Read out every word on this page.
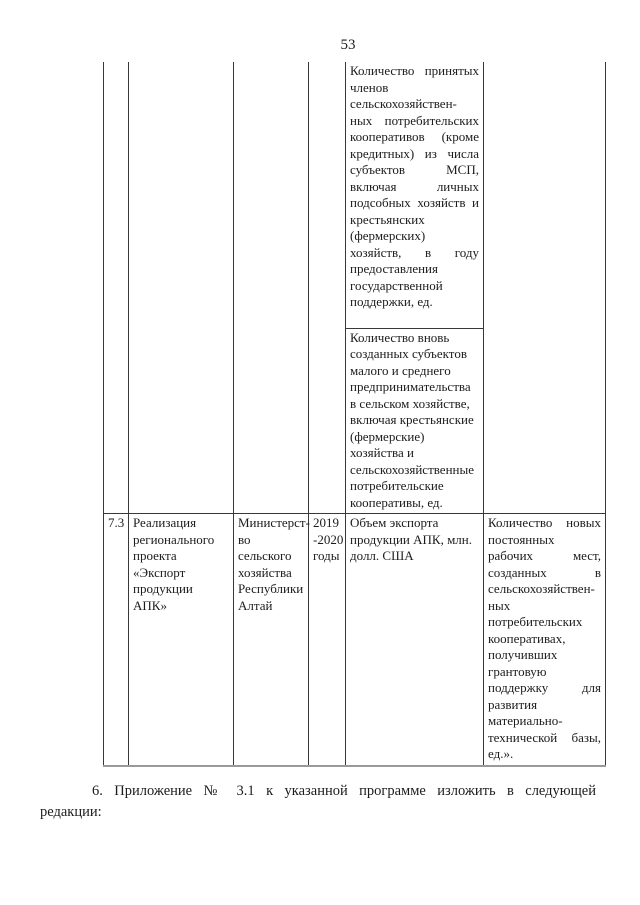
53
				Количество принятых членов сельскохозяйствен-ных потребительских кооперативов (кроме кредитных) из числа субъектов МСП, включая личных подсобных хозяйств и крестьянских (фермерских) хозяйств, в году предоставления государственной поддержки, ед.	
				Количество вновь созданных субъектов малого и среднего предпринимательства в сельском хозяйстве, включая крестьянские (фермерские) хозяйства и сельскохозяйственные потребительские кооперативы, ед.	
7.3	Реализация регионального проекта «Экспорт продукции АПК»	Министерст-во сельского хозяйства Республики Алтай	2019 -2020 годы	Объем экспорта продукции АПК, млн. долл. США	Количество новых постоянных рабочих мест, созданных в сельскохозяйствен-ных потребительских кооперативах, получивших грантовую поддержку для развития материально-технической базы, ед.».

6. Приложение № 3.1 к указанной программе изложить в следующей
редакции:
